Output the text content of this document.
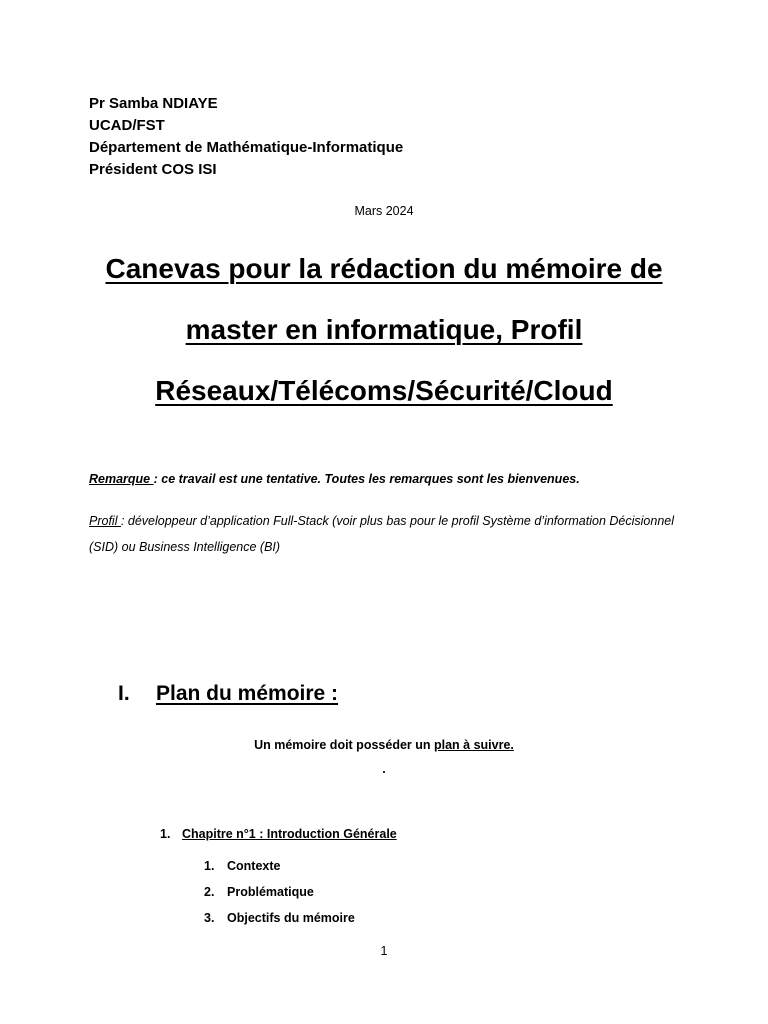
Pr Samba NDIAYE
UCAD/FST
Département de Mathématique-Informatique
Président COS ISI
Mars 2024
Canevas pour la rédaction du mémoire de
master en informatique, Profil
Réseaux/Télécoms/Sécurité/Cloud
Remarque : ce travail est une tentative. Toutes les remarques sont les bienvenues.
Profil : développeur d’application Full-Stack (voir plus bas pour le profil Système d’information Décisionnel (SID) ou Business Intelligence (BI)
I. Plan du mémoire :
Un mémoire doit posséder un plan à suivre.
.
1. Chapitre n°1 : Introduction Générale
1. Contexte
2. Problématique
3. Objectifs du mémoire
1
